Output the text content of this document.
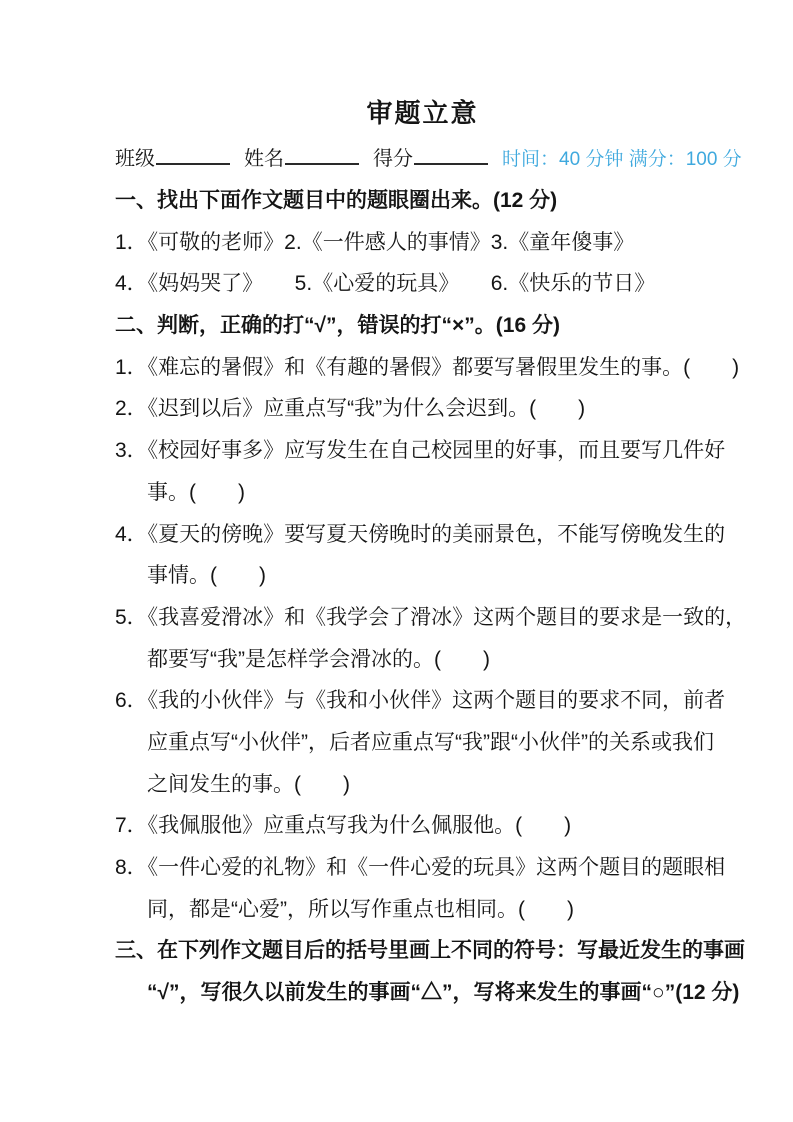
审题立意
班级	姓名	得分	时间：40 分钟 满分：100 分
一、找出下面作文题目中的题眼圈出来。(12 分)
1．《可敬的老师》2.《一件感人的事情》3.《童年傻事》
4．《妈妈哭了》　　5.《心爱的玩具》　　6.《快乐的节日》
二、判断，正确的打“√”，错误的打“×”。(16 分)
1．《难忘的暑假》和《有趣的暑假》都要写暑假里发生的事。(　　)
2．《迟到以后》应重点写“我”为什么会迟到。(　　)
3．《校园好事多》应写发生在自己校园里的好事，而且要写几件好
事。(　　)
4．《夏天的傍晚》要写夏天傍晚时的美丽景色，不能写傍晚发生的
事情。(　　)
5．《我喜爱滑冰》和《我学会了滑冰》这两个题目的要求是一致的，
都要写“我”是怎样学会滑冰的。(　　)
6．《我的小伙伴》与《我和小伙伴》这两个题目的要求不同，前者
应重点写“小伙伴”，后者应重点写“我”跟“小伙伴”的关系或我们
之间发生的事。(　　)
7．《我佩服他》应重点写我为什么佩服他。(　　)
8．《一件心爱的礼物》和《一件心爱的玩具》这两个题目的题眼相
同，都是“心爱”，所以写作重点也相同。(　　)
三、在下列作文题目后的括号里画上不同的符号：写最近发生的事画
“√”，写很久以前发生的事画“△”，写将来发生的事画“○”(12 分)
